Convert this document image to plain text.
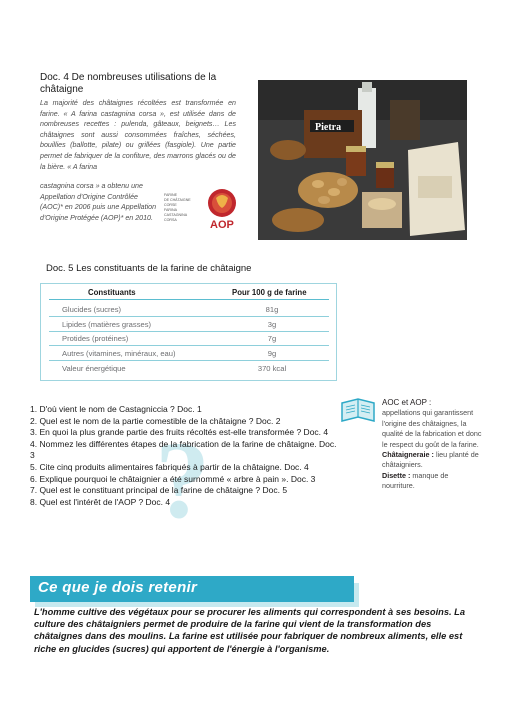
Doc. 4 De nombreuses utilisations de la châtaigne
La majorité des châtaignes récoltées est transformée en farine. « A farina castagnina corsa », est utilisée dans de nombreuses recettes : pulenda, gâteaux, beignets… Les châtaignes sont aussi consommées fraîches, séchées, bouillies (ballotte, pilate) ou grillées (fasgiole). Une partie permet de fabriquer de la confiture, des marrons glacés ou de la bière. « A farina
castagnina corsa » a obtenu une Appellation d'Origine Contrôlée (AOC)* en 2006 puis une Appellation d'Origine Protégée (AOP)* en 2010.
FARINE
DE CHÂTAIGNE
CORSE
FARINA
CASTAGNINA
CORSA	AOP
Pietra
Doc. 5 Les constituants de la farine de châtaigne
Constituants	Pour 100 g de farine
Glucides (sucres)	81g
Lipides (matières grasses)	3g
Protides (protéines)	7g
Autres (vitamines, minéraux, eau)	9g
Valeur énergétique	370 kcal
?
1. D'où vient le nom de Castagniccia ? Doc. 1
2. Quel est le nom de la partie comestible de la châtaigne ? Doc. 2
3. En quoi la plus grande partie des fruits récoltés est-elle transformée ? Doc. 4
4. Nommez les différentes étapes de la fabrication de la farine de châtaigne. Doc. 3
5. Cite cinq produits alimentaires fabriqués à partir de la châtaigne. Doc. 4
6. Explique pourquoi le châtaignier a été surnommé « arbre à pain ». Doc. 3
7. Quel est le constituant principal de la farine de châtaigne ? Doc. 5
8. Quel est l'intérêt de l'AOP ? Doc. 4
AOC et AOP :
appellations qui garantissent l'origine des châtaignes, la qualité de la fabrication et donc le respect du goût de la farine.
Châtaigneraie : lieu planté de châtaigniers.
Disette : manque de nourriture.
Ce que je dois retenir
L'homme cultive des végétaux pour se procurer les aliments qui correspondent à ses besoins. La culture des châtaigniers permet de produire de la farine qui vient de la transformation des châtaignes dans des moulins. La farine est utilisée pour fabriquer de nombreux aliments, elle est riche en glucides (sucres) qui apportent de l'énergie à l'organisme.
